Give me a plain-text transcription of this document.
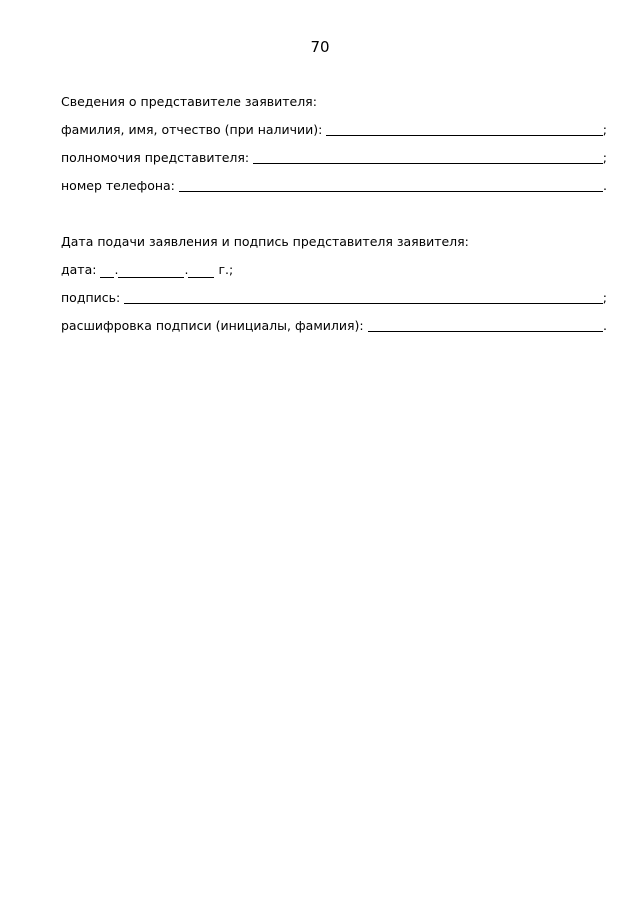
70
Сведения о представителе заявителя:
фамилия, имя, отчество (при наличии):	;
полномочия представителя:	;
номер телефона:	.
Дата подачи заявления и подпись представителя заявителя:
дата: .	. г.;
подпись:	;
расшифровка подписи (инициалы, фамилия):	.
